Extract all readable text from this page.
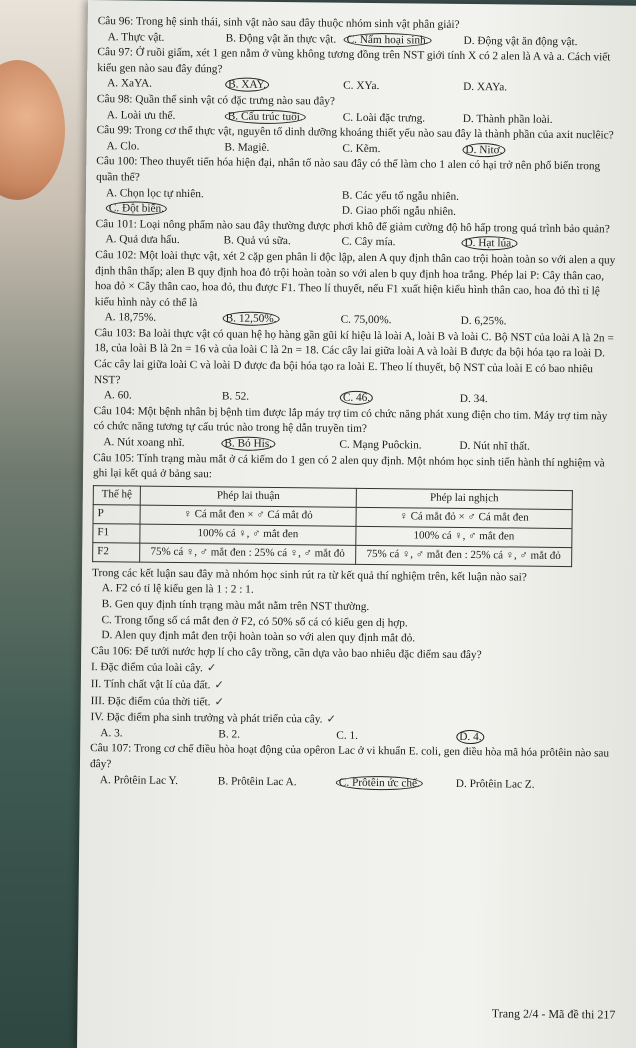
Câu 96: Trong hệ sinh thái, sinh vật nào sau đây thuộc nhóm sinh vật phân giải?

A. Thực vật.	B. Động vật ăn thực vật. C. Nấm hoại sinh.	D. Động vật ăn động vật.

Câu 97: Ở ruồi giấm, xét 1 gen nằm ở vùng không tương đồng trên NST giới tính X có 2 alen là A và a. Cách viết kiểu gen nào sau đây đúng?

A. XaYA.	B. XAY.	C. XYa.	D. XAYa.

Câu 98: Quần thể sinh vật có đặc trưng nào sau đây?

A. Loài ưu thế.	B. Cấu trúc tuổi.	C. Loài đặc trưng.	D. Thành phần loài.

Câu 99: Trong cơ thể thực vật, nguyên tố dinh dưỡng khoáng thiết yếu nào sau đây là thành phần của axit nuclêic?

A. Clo.	B. Magiê.	C. Kẽm.	D. Nitơ.

Câu 100: Theo thuyết tiến hóa hiện đại, nhân tố nào sau đây có thể làm cho 1 alen có hại trở nên phổ biến trong quần thể?

A. Chọn lọc tự nhiên.	B. Các yếu tố ngẫu nhiên.
C. Đột biến.	D. Giao phối ngẫu nhiên.

Câu 101: Loại nông phẩm nào sau đây thường được phơi khô để giảm cường độ hô hấp trong quá trình bảo quản?

A. Quả dưa hấu.	B. Quả vú sữa.	C. Cây mía.	D. Hạt lúa.

Câu 102: Một loài thực vật, xét 2 cặp gen phân li độc lập, alen A quy định thân cao trội hoàn toàn so với alen a quy định thân thấp; alen B quy định hoa đỏ trội hoàn toàn so với alen b quy định hoa trắng. Phép lai P: Cây thân cao, hoa đỏ × Cây thân cao, hoa đỏ, thu được F1. Theo lí thuyết, nếu F1 xuất hiện kiểu hình thân cao, hoa đỏ thì tỉ lệ kiểu hình này có thể là

A. 18,75%.	B. 12,50%.	C. 75,00%.	D. 6,25%.

Câu 103: Ba loài thực vật có quan hệ họ hàng gần gũi kí hiệu là loài A, loài B và loài C. Bộ NST của loài A là 2n = 18, của loài B là 2n = 16 và của loài C là 2n = 18. Các cây lai giữa loài A và loài B được đa bội hóa tạo ra loài D. Các cây lai giữa loài C và loài D được đa bội hóa tạo ra loài E. Theo lí thuyết, bộ NST của loài E có bao nhiêu NST?

A. 60.	B. 52.	C. 46.	D. 34.

Câu 104: Một bệnh nhân bị bệnh tim được lắp máy trợ tim có chức năng phát xung điện cho tim. Máy trợ tim này có chức năng tương tự cấu trúc nào trong hệ dẫn truyền tim?

A. Nút xoang nhĩ.	B. Bó His.	C. Mạng Puôckin.	D. Nút nhĩ thất.

Câu 105: Tính trạng màu mắt ở cá kiếm do 1 gen có 2 alen quy định. Một nhóm học sinh tiến hành thí nghiệm và ghi lại kết quả ở bảng sau:

Thế hệ	Phép lai thuận	Phép lai nghịch
P	♀ Cá mắt đen × ♂ Cá mắt đỏ	♀ Cá mắt đỏ × ♂ Cá mắt đen
F1	100% cá ♀, ♂ mắt đen	100% cá ♀, ♂ mắt đen
F2	75% cá ♀, ♂ mắt đen : 25% cá ♀, ♂ mắt đỏ	75% cá ♀, ♂ mắt đen : 25% cá ♀, ♂ mắt đỏ

Trong các kết luận sau đây mà nhóm học sinh rút ra từ kết quả thí nghiệm trên, kết luận nào sai?

A. F2 có tỉ lệ kiểu gen là 1 : 2 : 1.

B. Gen quy định tính trạng màu mắt nằm trên NST thường.

C. Trong tổng số cá mắt đen ở F2, có 50% số cá có kiểu gen dị hợp.

D. Alen quy định mắt đen trội hoàn toàn so với alen quy định mắt đỏ.

Câu 106: Để tưới nước hợp lí cho cây trồng, cần dựa vào bao nhiêu đặc điểm sau đây?

I. Đặc điểm của loài cây. ✓

II. Tính chất vật lí của đất. ✓

III. Đặc điểm của thời tiết. ✓

IV. Đặc điểm pha sinh trưởng và phát triển của cây. ✓

A. 3.	B. 2.	C. 1.	D. 4.

Câu 107: Trong cơ chế điều hòa hoạt động của opêron Lac ở vi khuẩn E. coli, gen điều hòa mã hóa prôtêin nào sau đây?

A. Prôtêin Lac Y.	B. Prôtêin Lac A.	C. Prôtêin ức chế.	D. Prôtêin Lac Z.
Trang 2/4 - Mã đề thi 217
